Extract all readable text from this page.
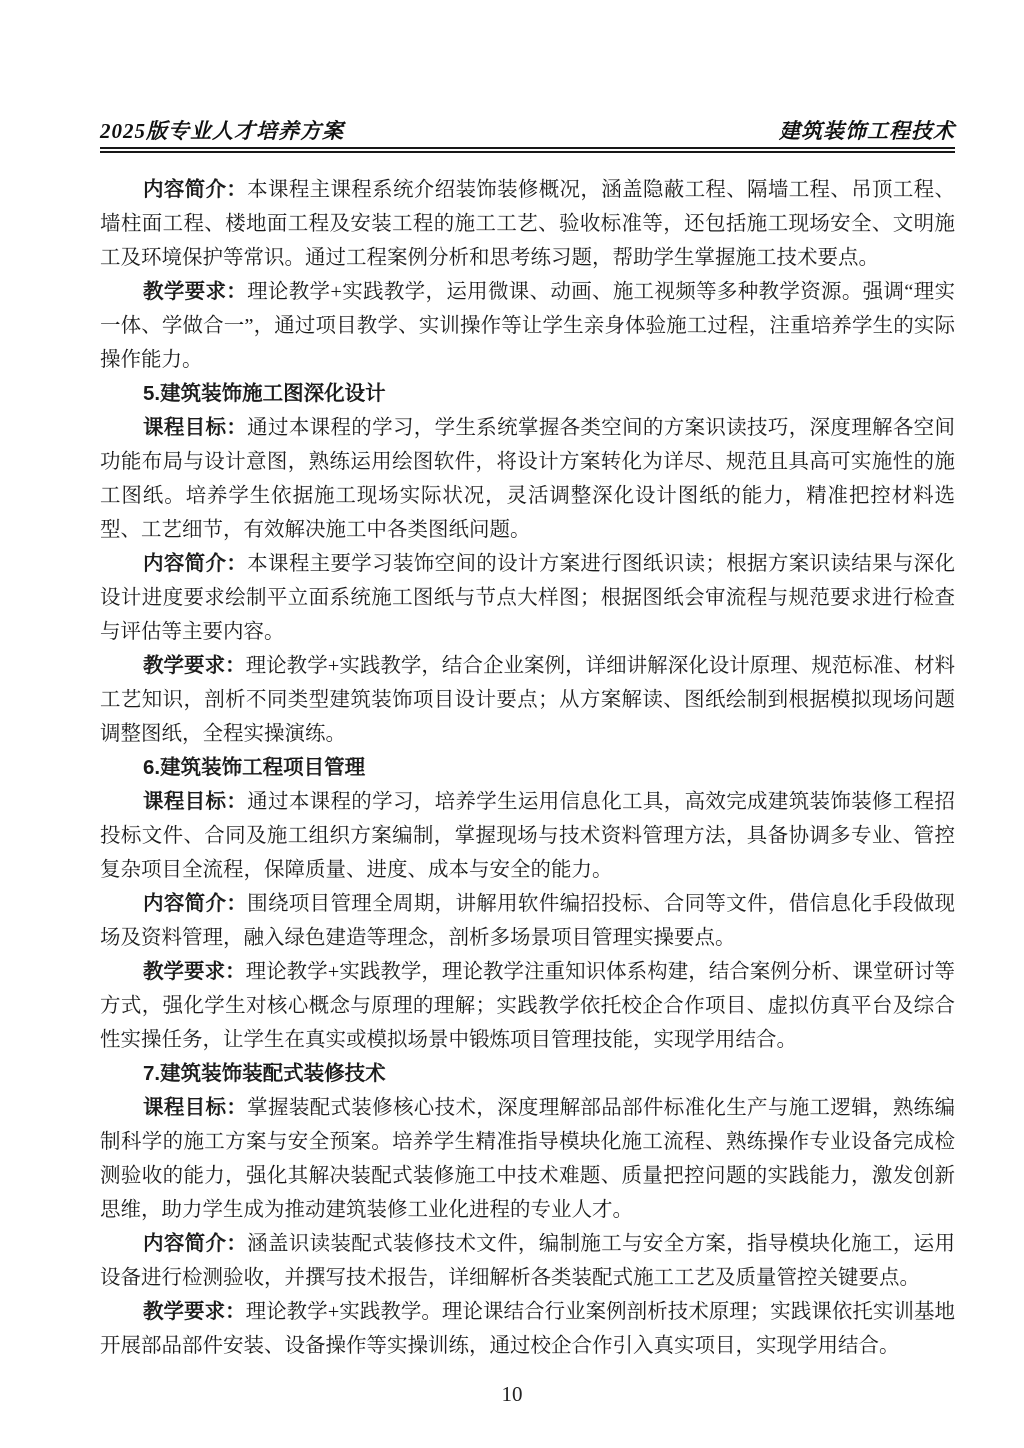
2025版专业人才培养方案	建筑装饰工程技术

内容简介：本课程主课程系统介绍装饰装修概况，涵盖隐蔽工程、隔墙工程、吊顶工程、墙柱面工程、楼地面工程及安装工程的施工工艺、验收标准等，还包括施工现场安全、文明施工及环境保护等常识。通过工程案例分析和思考练习题，帮助学生掌握施工技术要点。

教学要求：理论教学+实践教学，运用微课、动画、施工视频等多种教学资源。强调“理实一体、学做合一”，通过项目教学、实训操作等让学生亲身体验施工过程，注重培养学生的实际操作能力。

5.建筑装饰施工图深化设计

课程目标：通过本课程的学习，学生系统掌握各类空间的方案识读技巧，深度理解各空间功能布局与设计意图，熟练运用绘图软件，将设计方案转化为详尽、规范且具高可实施性的施工图纸。培养学生依据施工现场实际状况，灵活调整深化设计图纸的能力，精准把控材料选型、工艺细节，有效解决施工中各类图纸问题。

内容简介：本课程主要学习装饰空间的设计方案进行图纸识读；根据方案识读结果与深化设计进度要求绘制平立面系统施工图纸与节点大样图；根据图纸会审流程与规范要求进行检查与评估等主要内容。

教学要求：理论教学+实践教学，结合企业案例，详细讲解深化设计原理、规范标准、材料工艺知识，剖析不同类型建筑装饰项目设计要点；从方案解读、图纸绘制到根据模拟现场问题调整图纸，全程实操演练。

6.建筑装饰工程项目管理

课程目标：通过本课程的学习，培养学生运用信息化工具，高效完成建筑装饰装修工程招投标文件、合同及施工组织方案编制，掌握现场与技术资料管理方法，具备协调多专业、管控复杂项目全流程，保障质量、进度、成本与安全的能力。

内容简介：围绕项目管理全周期，讲解用软件编招投标、合同等文件，借信息化手段做现场及资料管理，融入绿色建造等理念，剖析多场景项目管理实操要点。

教学要求：理论教学+实践教学，理论教学注重知识体系构建，结合案例分析、课堂研讨等方式，强化学生对核心概念与原理的理解；实践教学依托校企合作项目、虚拟仿真平台及综合性实操任务，让学生在真实或模拟场景中锻炼项目管理技能，实现学用结合。

7.建筑装饰装配式装修技术

课程目标：掌握装配式装修核心技术，深度理解部品部件标准化生产与施工逻辑，熟练编制科学的施工方案与安全预案。培养学生精准指导模块化施工流程、熟练操作专业设备完成检测验收的能力，强化其解决装配式装修施工中技术难题、质量把控问题的实践能力，激发创新思维，助力学生成为推动建筑装修工业化进程的专业人才。

内容简介：涵盖识读装配式装修技术文件，编制施工与安全方案，指导模块化施工，运用设备进行检测验收，并撰写技术报告，详细解析各类装配式施工工艺及质量管控关键要点。

教学要求：理论教学+实践教学。理论课结合行业案例剖析技术原理；实践课依托实训基地开展部品部件安装、设备操作等实操训练，通过校企合作引入真实项目，实现学用结合。

10
